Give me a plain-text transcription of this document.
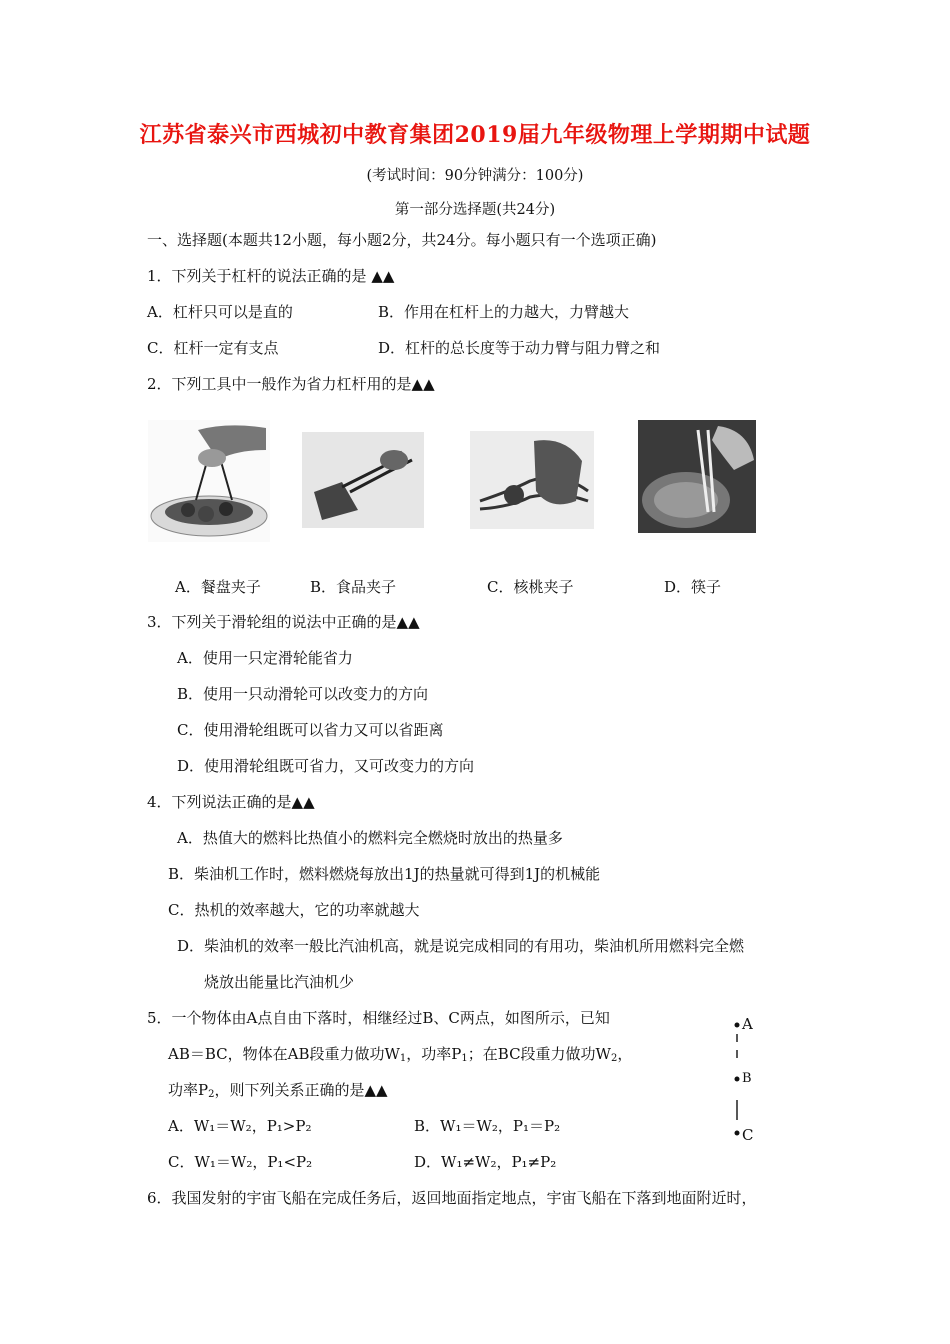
江苏省泰兴市西城初中教育集团2019届九年级物理上学期期中试题
(考试时间：90分钟满分：100分)
第一部分选择题(共24分)
一、选择题(本题共12小题，每小题2分，共24分。每小题只有一个选项正确)
1．下列关于杠杆的说法正确的是 ▲▲
A．杠杆只可以是直的	B．作用在杠杆上的力越大，力臂越大
C．杠杆一定有支点	D．杠杆的总长度等于动力臂与阻力臂之和
2．下列工具中一般作为省力杠杆用的是▲▲
A．餐盘夹子	B．食品夹子	C．核桃夹子	D．筷子
3．下列关于滑轮组的说法中正确的是▲▲
A．使用一只定滑轮能省力
B．使用一只动滑轮可以改变力的方向
C．使用滑轮组既可以省力又可以省距离
D．使用滑轮组既可省力，又可改变力的方向
4．下列说法正确的是▲▲
A．热值大的燃料比热值小的燃料完全燃烧时放出的热量多
B．柴油机工作时，燃料燃烧每放出1J的热量就可得到1J的机械能
C．热机的效率越大，它的功率就越大
D．柴油机的效率一般比汽油机高，就是说完成相同的有用功，柴油机所用燃料完全燃
烧放出能量比汽油机少
5．一个物体由A点自由下落时，相继经过B、C两点，如图所示，已知
AB＝BC，物体在AB段重力做功$W_1$，功率$P_1$；在BC段重力做功$W_2$，
功率$P_2$，则下列关系正确的是▲▲
A．W₁＝W₂，P₁>P₂	B．W₁＝W₂，P₁＝P₂
C．W₁＝W₂，P₁<P₂	D．W₁≠W₂，P₁≠P₂
A
B
C
6．我国发射的宇宙飞船在完成任务后，返回地面指定地点，宇宙飞船在下落到地面附近时，
